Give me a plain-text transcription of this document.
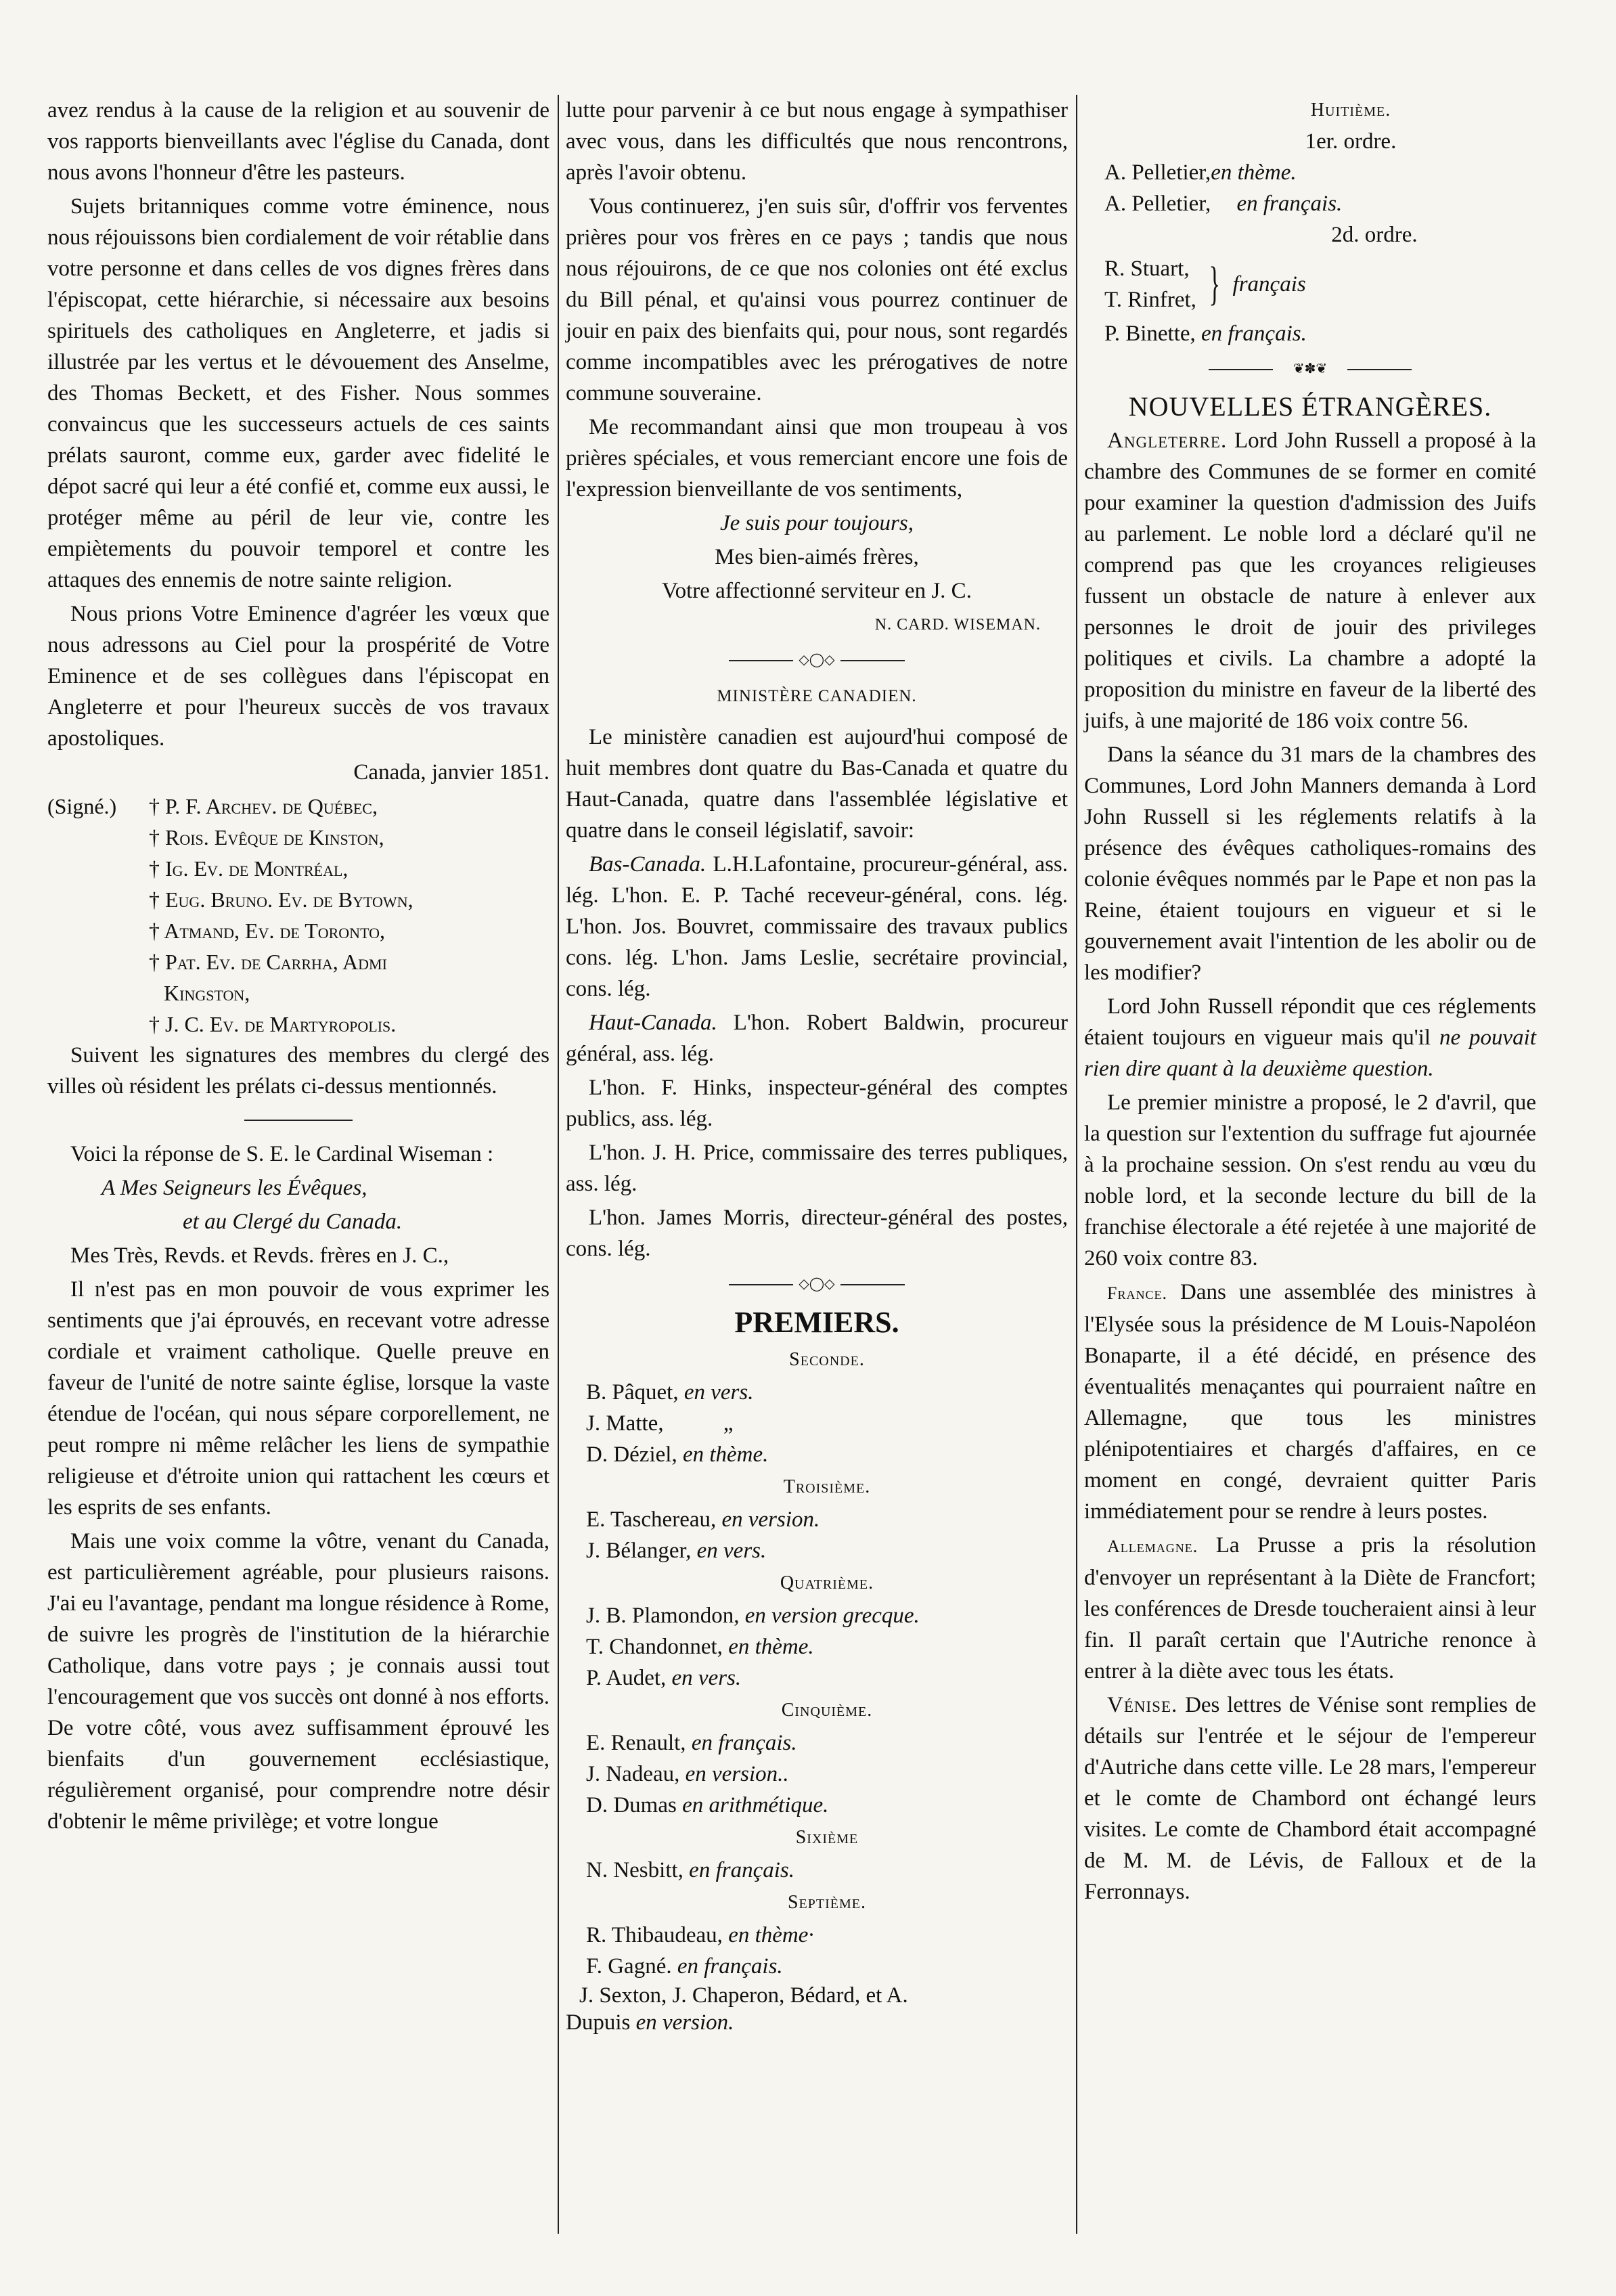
avez rendus à la cause de la religion et au souvenir de vos rapports bienveillants avec l'église du Canada, dont nous avons l'honneur d'être les pasteurs.

Sujets britanniques comme votre éminence, nous nous réjouissons bien cordialement de voir rétablie dans votre personne et dans celles de vos dignes frères dans l'épiscopat, cette hiérarchie, si nécessaire aux besoins spirituels des catholiques en Angleterre, et jadis si illustrée par les vertus et le dévouement des Anselme, des Thomas Beckett, et des Fisher. Nous sommes convaincus que les successeurs actuels de ces saints prélats sauront, comme eux, garder avec fidelité le dépot sacré qui leur a été confié et, comme eux aussi, le protéger même au péril de leur vie, contre les empiètements du pouvoir temporel et contre les attaques des ennemis de notre sainte religion.

Nous prions Votre Eminence d'agréer les vœux que nous adressons au Ciel pour la prospérité de Votre Eminence et de ses collègues dans l'épiscopat en Angleterre et pour l'heureux succès de vos travaux apostoliques.

Canada, janvier 1851.

(Signé.)	† P. F. Archev. de Québec,
† Rois. Evêque de Kinston,
† Ig. Ev. de Montréal,
† Eug. Bruno. Ev. de Bytown,
† Atmand, Ev. de Toronto,
† Pat. Ev. de Carrha, Admi
Kingston,
† J. C. Ev. de Martyropolis.

Suivent les signatures des membres du clergé des villes où résident les prélats ci-dessus mentionnés.

Voici la réponse de S. E. le Cardinal Wiseman :

A Mes Seigneurs les Évêques,

et au Clergé du Canada.

Mes Très, Revds. et Revds. frères en J. C.,

Il n'est pas en mon pouvoir de vous exprimer les sentiments que j'ai éprouvés, en recevant votre adresse cordiale et vraiment catholique. Quelle preuve en faveur de l'unité de notre sainte église, lorsque la vaste étendue de l'océan, qui nous sépare corporellement, ne peut rompre ni même relâcher les liens de sympathie religieuse et d'étroite union qui rattachent les cœurs et les esprits de ses enfants.

Mais une voix comme la vôtre, venant du Canada, est particulièrement agréable, pour plusieurs raisons. J'ai eu l'avantage, pendant ma longue résidence à Rome, de suivre les progrès de l'institution de la hiérarchie Catholique, dans votre pays ; je connais aussi tout l'encouragement que vos succès ont donné à nos efforts. De votre côté, vous avez suffisamment éprouvé les bienfaits d'un gouvernement ecclésiastique, régulièrement organisé, pour comprendre notre désir d'obtenir le même privilège; et votre longue

lutte pour parvenir à ce but nous engage à sympathiser avec vous, dans les difficultés que nous rencontrons, après l'avoir obtenu.

Vous continuerez, j'en suis sûr, d'offrir vos ferventes prières pour vos frères en ce pays ; tandis que nous nous réjouirons, de ce que nos colonies ont été exclus du Bill pénal, et qu'ainsi vous pourrez continuer de jouir en paix des bienfaits qui, pour nous, sont regardés comme incompatibles avec les prérogatives de notre commune souveraine.

Me recommandant ainsi que mon troupeau à vos prières spéciales, et vous remerciant encore une fois de l'expression bienveillante de vos sentiments,

Je suis pour toujours,

Mes bien-aimés frères,

Votre affectionné serviteur en J. C.

N. CARD. WISEMAN.

◇◯◇
MINISTÈRE CANADIEN.

Le ministère canadien est aujourd'hui composé de huit membres dont quatre du Bas-Canada et quatre du Haut-Canada, quatre dans l'assemblée législative et quatre dans le conseil législatif, savoir:

Bas-Canada. L.H.Lafontaine, procureur-général, ass. lég. L'hon. E. P. Taché receveur-général, cons. lég. L'hon. Jos. Bouvret, commissaire des travaux publics cons. lég. L'hon. Jams Leslie, secrétaire provincial, cons. lég.

Haut-Canada. L'hon. Robert Baldwin, procureur général, ass. lég.

L'hon. F. Hinks, inspecteur-général des comptes publics, ass. lég.

L'hon. J. H. Price, commissaire des terres publiques, ass. lég.

L'hon. James Morris, directeur-général des postes, cons. lég.

◇◯◇
PREMIERS.
Seconde.
B. Pâquet, en vers.
J. Matte,	„
D. Déziel, en thème.
Troisième.
E. Taschereau, en version.
J. Bélanger, en vers.
Quatrième.
J. B. Plamondon, en version grecque.
T. Chandonnet, en thème.
P. Audet, en vers.
Cinquième.
E. Renault, en français.
J. Nadeau, en version..
D. Dumas en arithmétique.
Sixième
N. Nesbitt, en français.
Septième.
R. Thibaudeau, en thème·
F. Gagné. en français.
J. Sexton, J. Chaperon, Bédard, et A.
Dupuis en version.
Huitième.
1er. ordre.
A. Pelletier,en thème.
A. Pelletier, en français.
2d. ordre.
R. Stuart,
T. Rinfret, } français
P. Binette, en français.
❦✽❦
NOUVELLES ÉTRANGÈRES.

Angleterre. Lord John Russell a proposé à la chambre des Communes de se former en comité pour examiner la question d'admission des Juifs au parlement. Le noble lord a déclaré qu'il ne comprend pas que les croyances religieuses fussent un obstacle de nature à enlever aux personnes le droit de jouir des privileges politiques et civils. La chambre a adopté la proposition du ministre en faveur de la liberté des juifs, à une majorité de 186 voix contre 56.

Dans la séance du 31 mars de la chambres des Communes, Lord John Manners demanda à Lord John Russell si les réglements relatifs à la présence des évêques catholiques-romains des colonie évêques nommés par le Pape et non pas la Reine, étaient toujours en vigueur et si le gouvernement avait l'intention de les abolir ou de les modifier?

Lord John Russell répondit que ces réglements étaient toujours en vigueur mais qu'il ne pouvait rien dire quant à la deuxième question.

Le premier ministre a proposé, le 2 d'avril, que la question sur l'extention du suffrage fut ajournée à la prochaine session. On s'est rendu au vœu du noble lord, et la seconde lecture du bill de la franchise électorale a été rejetée à une majorité de 260 voix contre 83.

France. Dans une assemblée des ministres à l'Elysée sous la présidence de M Louis-Napoléon Bonaparte, il a été décidé, en présence des éventualités menaçantes qui pourraient naître en Allemagne, que tous les ministres plénipotentiaires et chargés d'affaires, en ce moment en congé, devraient quitter Paris immédiatement pour se rendre à leurs postes.

Allemagne. La Prusse a pris la résolution d'envoyer un représentant à la Diète de Francfort; les conférences de Dresde toucheraient ainsi à leur fin. Il paraît certain que l'Autriche renonce à entrer à la diète avec tous les états.

Vénise. Des lettres de Vénise sont remplies de détails sur l'entrée et le séjour de l'empereur d'Autriche dans cette ville. Le 28 mars, l'empereur et le comte de Chambord ont échangé leurs visites. Le comte de Chambord était accompagné de M. M. de Lévis, de Falloux et de la Ferronnays.
